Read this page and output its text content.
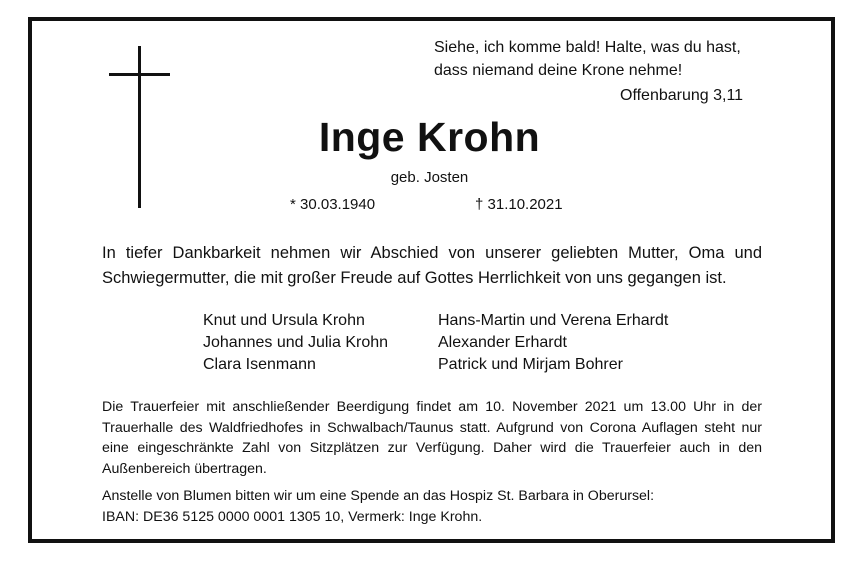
Siehe, ich komme bald! Halte, was du hast,
dass niemand deine Krone nehme!
Offenbarung 3,11
Inge Krohn
geb. Josten
* 30.03.1940	† 31.10.2021
In tiefer Dankbarkeit nehmen wir Abschied von unserer geliebten Mutter, Oma und Schwiegermutter, die mit großer Freude auf Gottes Herrlichkeit von uns gegangen ist.
Knut und Ursula Krohn
Johannes und Julia Krohn
Clara Isenmann
Hans-Martin und Verena Erhardt
Alexander Erhardt
Patrick und Mirjam Bohrer
Die Trauerfeier mit anschließender Beerdigung findet am 10. November 2021 um 13.00 Uhr in der Trauerhalle des Waldfriedhofes in Schwalbach/Taunus statt. Aufgrund von Corona Auflagen steht nur eine eingeschränkte Zahl von Sitzplätzen zur Verfügung. Daher wird die Trauerfeier auch in den Außenbereich übertragen.
Anstelle von Blumen bitten wir um eine Spende an das Hospiz St. Barbara in Oberursel:
IBAN: DE36 5125 0000 0001 1305 10, Vermerk: Inge Krohn.
